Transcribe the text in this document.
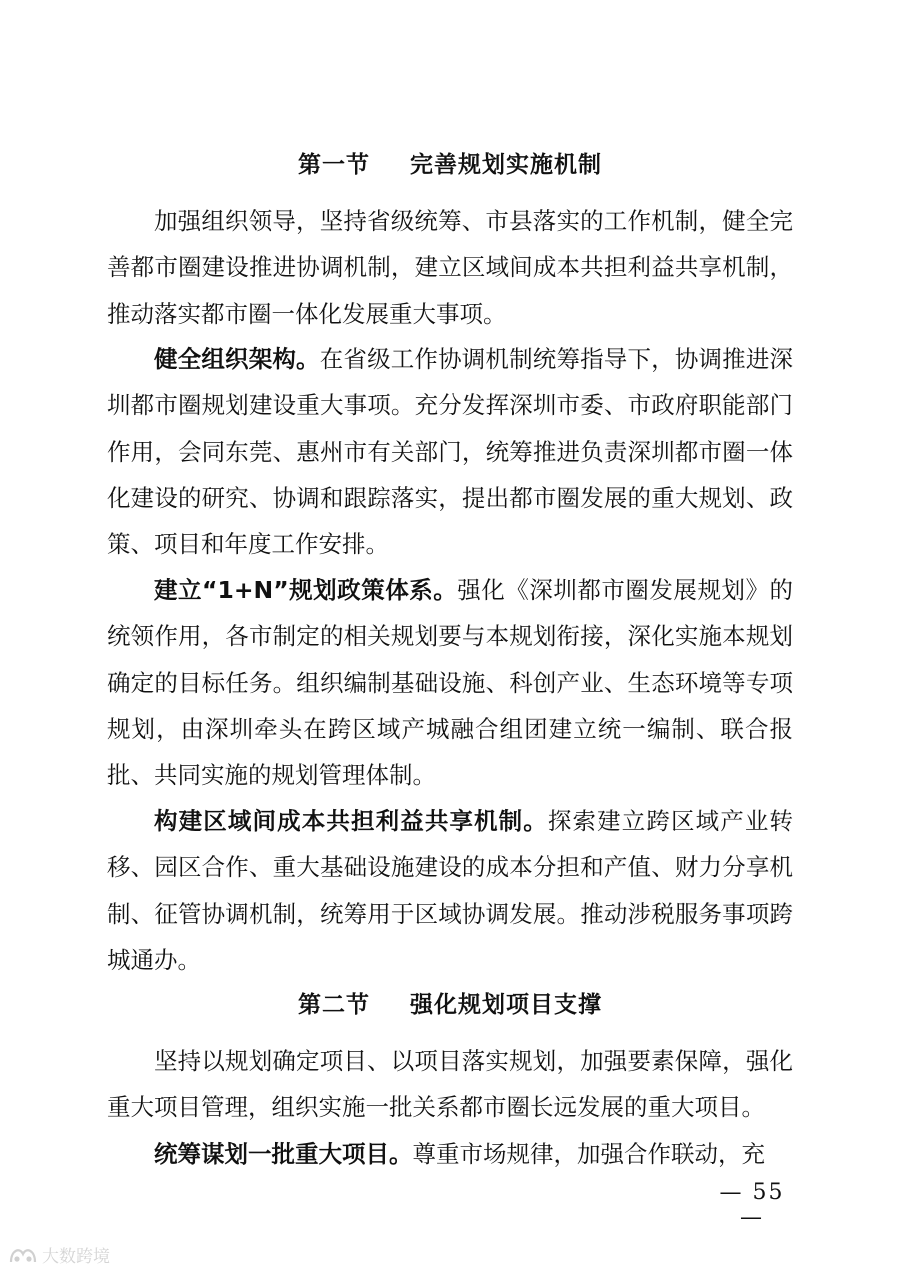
第一节 完善规划实施机制

加强组织领导，坚持省级统筹、市县落实的工作机制，健全完善都市圈建设推进协调机制，建立区域间成本共担利益共享机制，推动落实都市圈一体化发展重大事项。

健全组织架构。在省级工作协调机制统筹指导下，协调推进深圳都市圈规划建设重大事项。充分发挥深圳市委、市政府职能部门作用，会同东莞、惠州市有关部门，统筹推进负责深圳都市圈一体化建设的研究、协调和跟踪落实，提出都市圈发展的重大规划、政策、项目和年度工作安排。

建立“1+N”规划政策体系。强化《深圳都市圈发展规划》的统领作用，各市制定的相关规划要与本规划衔接，深化实施本规划确定的目标任务。组织编制基础设施、科创产业、生态环境等专项规划，由深圳牵头在跨区域产城融合组团建立统一编制、联合报批、共同实施的规划管理体制。

构建区域间成本共担利益共享机制。探索建立跨区域产业转移、园区合作、重大基础设施建设的成本分担和产值、财力分享机制、征管协调机制，统筹用于区域协调发展。推动涉税服务事项跨城通办。

第二节 强化规划项目支撑

坚持以规划确定项目、以项目落实规划，加强要素保障，强化重大项目管理，组织实施一批关系都市圈长远发展的重大项目。

统筹谋划一批重大项目。尊重市场规律，加强合作联动，充

— 55 —
大数跨境
